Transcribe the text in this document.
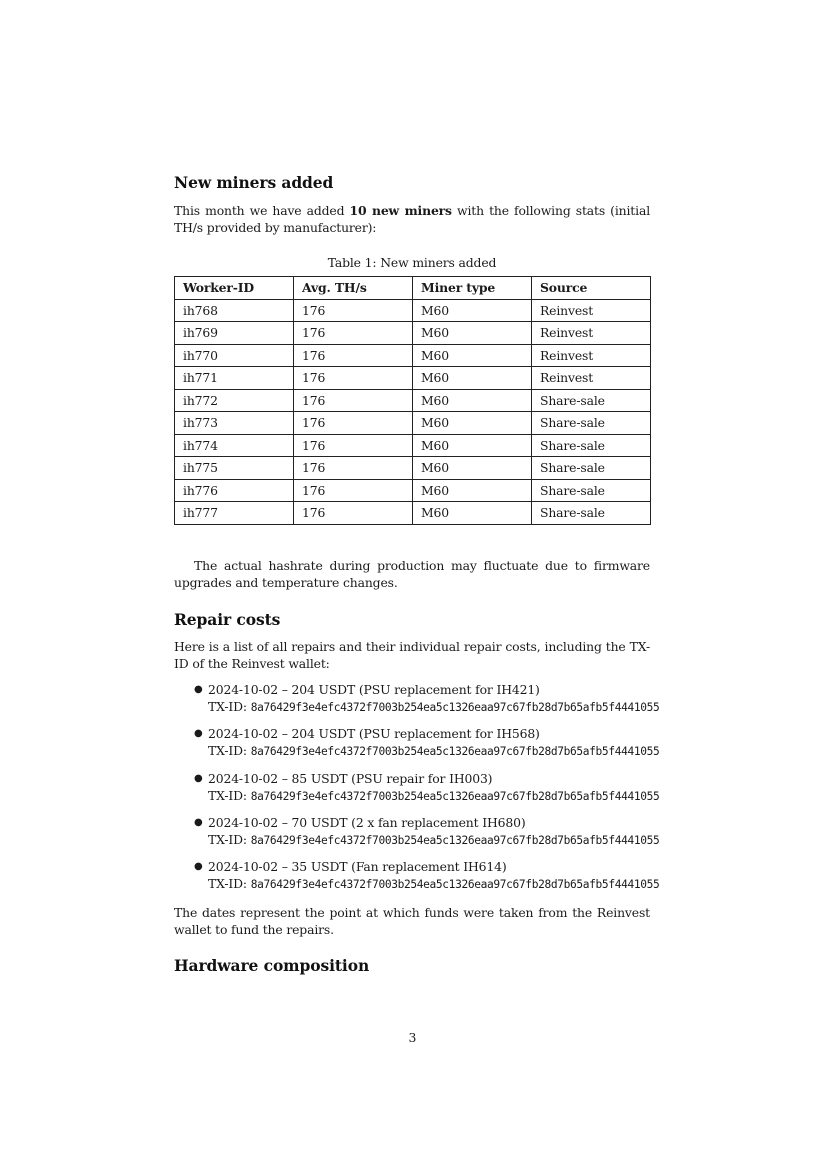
New miners added

This month we have added 10 new miners with the following stats (initial TH/s provided by manufacturer):

Table 1: New miners added
Worker-ID	Avg. TH/s	Miner type	Source
ih768	176	M60	Reinvest
ih769	176	M60	Reinvest
ih770	176	M60	Reinvest
ih771	176	M60	Reinvest
ih772	176	M60	Share-sale
ih773	176	M60	Share-sale
ih774	176	M60	Share-sale
ih775	176	M60	Share-sale
ih776	176	M60	Share-sale
ih777	176	M60	Share-sale

The actual hashrate during production may fluctuate due to firmware upgrades and temperature changes.

Repair costs

Here is a list of all repairs and their individual repair costs, including the TX-ID of the Reinvest wallet:

● 2024-10-02 – 204 USDT (PSU replacement for IH421)
TX-ID: 8a76429f3e4efc4372f7003b254ea5c1326eaa97c67fb28d7b65afb5f4441055
● 2024-10-02 – 204 USDT (PSU replacement for IH568)
TX-ID: 8a76429f3e4efc4372f7003b254ea5c1326eaa97c67fb28d7b65afb5f4441055
● 2024-10-02 – 85 USDT (PSU repair for IH003)
TX-ID: 8a76429f3e4efc4372f7003b254ea5c1326eaa97c67fb28d7b65afb5f4441055
● 2024-10-02 – 70 USDT (2 x fan replacement IH680)
TX-ID: 8a76429f3e4efc4372f7003b254ea5c1326eaa97c67fb28d7b65afb5f4441055
● 2024-10-02 – 35 USDT (Fan replacement IH614)
TX-ID: 8a76429f3e4efc4372f7003b254ea5c1326eaa97c67fb28d7b65afb5f4441055

The dates represent the point at which funds were taken from the Reinvest wallet to fund the repairs.

Hardware composition
3
